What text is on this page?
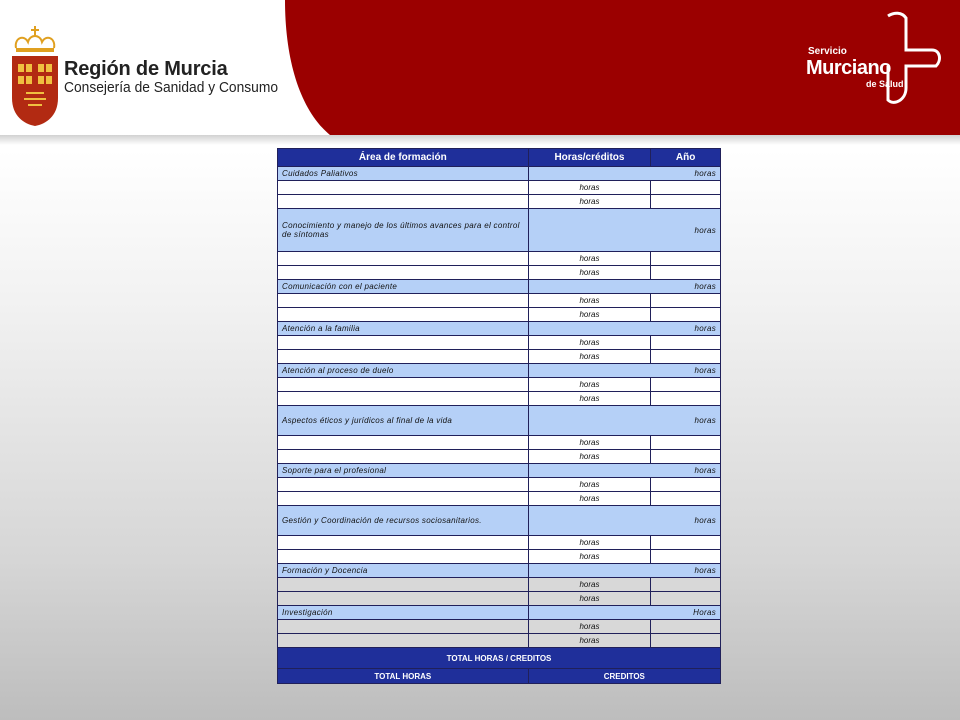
Región de Murcia
Consejería de Sanidad y Consumo
Servicio
Murciano
de Salud
Área de formación	Horas/créditos	Año
Cuidados Paliativos	horas	
	horas	
	horas	
Conocimiento y manejo de los últimos avances para el control de síntomas	horas	
	horas	
	horas	
Comunicación con el paciente	horas	
	horas	
	horas	
Atención a la familia	horas	
	horas	
	horas	
Atención al proceso de duelo	horas	
	horas	
	horas	
Aspectos éticos y jurídicos al final de la vida	horas	
	horas	
	horas	
Soporte para el profesional	horas	
	horas	
	horas	
Gestión y Coordinación de recursos sociosanitarios.	horas	
	horas	
	horas	
Formación y Docencia	horas	
	horas	
	horas	
Investigación	Horas	
	horas	
	horas	
TOTAL HORAS / CREDITOS		
TOTAL HORAS	CREDITOS	
